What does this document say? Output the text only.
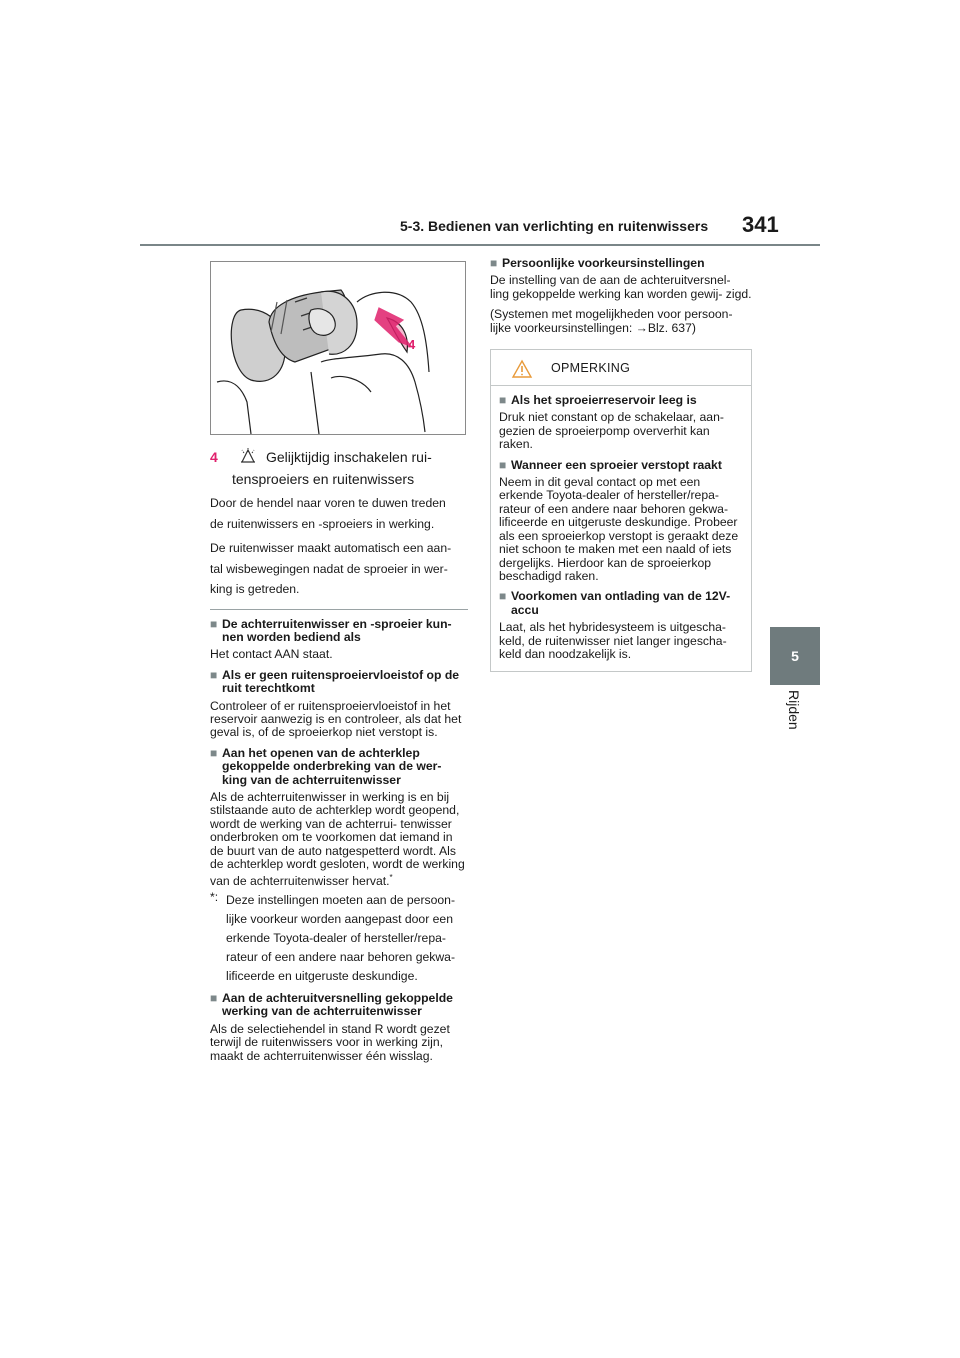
5-3. Bedienen van verlichting en ruitenwissers 341
5
Rijden
4
4	Gelijktijdig inschakelen rui-
tensproeiers en ruitenwissers

Door de hendel naar voren te duwen treden

de ruitenwissers en -sproeiers in werking.

De ruitenwisser maakt automatisch een aan-

tal wisbewegingen nadat de sproeier in wer-

king is getreden.

■ De achterruitenwisser en -sproeier kun- nen worden bediend als

Het contact AAN staat.

■ Als er geen ruitensproeiervloeistof op de ruit terechtkomt

Controleer of er ruitensproeiervloeistof in het reservoir aanwezig is en controleer, als dat het geval is, of de sproeierkop niet verstopt is.

■ Aan het openen van de achterklep gekoppelde onderbreking van de wer- king van de achterruitenwisser

Als de achterruitenwisser in werking is en bij stilstaande auto de achterklep wordt geopend, wordt de werking van de achterrui- tenwisser onderbroken om te voorkomen dat iemand in de buurt van de auto natgespetterd wordt. Als de achterklep wordt gesloten, wordt de werking van de achterruitenwisser hervat.*

*: Deze instellingen moeten aan de persoon- lijke voorkeur worden aangepast door een erkende Toyota-dealer of hersteller/repa- rateur of een andere naar behoren gekwa- lificeerde en uitgeruste deskundige.

■ Aan de achteruitversnelling gekoppelde werking van de achterruitenwisser

Als de selectiehendel in stand R wordt gezet terwijl de ruitenwissers voor in werking zijn, maakt de achterruitenwisser één wisslag.

■ Persoonlijke voorkeursinstellingen

De instelling van de aan de achteruitversnel- ling gekoppelde werking kan worden gewij- zigd.

(Systemen met mogelijkheden voor persoon- lijke voorkeursinstellingen: →Blz. 637)

OPMERKING

■ Als het sproeierreservoir leeg is

Druk niet constant op de schakelaar, aan- gezien de sproeierpomp oververhit kan raken.

■ Wanneer een sproeier verstopt raakt

Neem in dit geval contact op met een erkende Toyota-dealer of hersteller/repa- rateur of een andere naar behoren gekwa- lificeerde en uitgeruste deskundige. Probeer als een sproeierkop verstopt is geraakt deze niet schoon te maken met een naald of iets dergelijks. Hierdoor kan de sproeierkop beschadigd raken.

■ Voorkomen van ontlading van de 12V-accu

Laat, als het hybridesysteem is uitgescha- keld, de ruitenwisser niet langer ingescha- keld dan noodzakelijk is.
